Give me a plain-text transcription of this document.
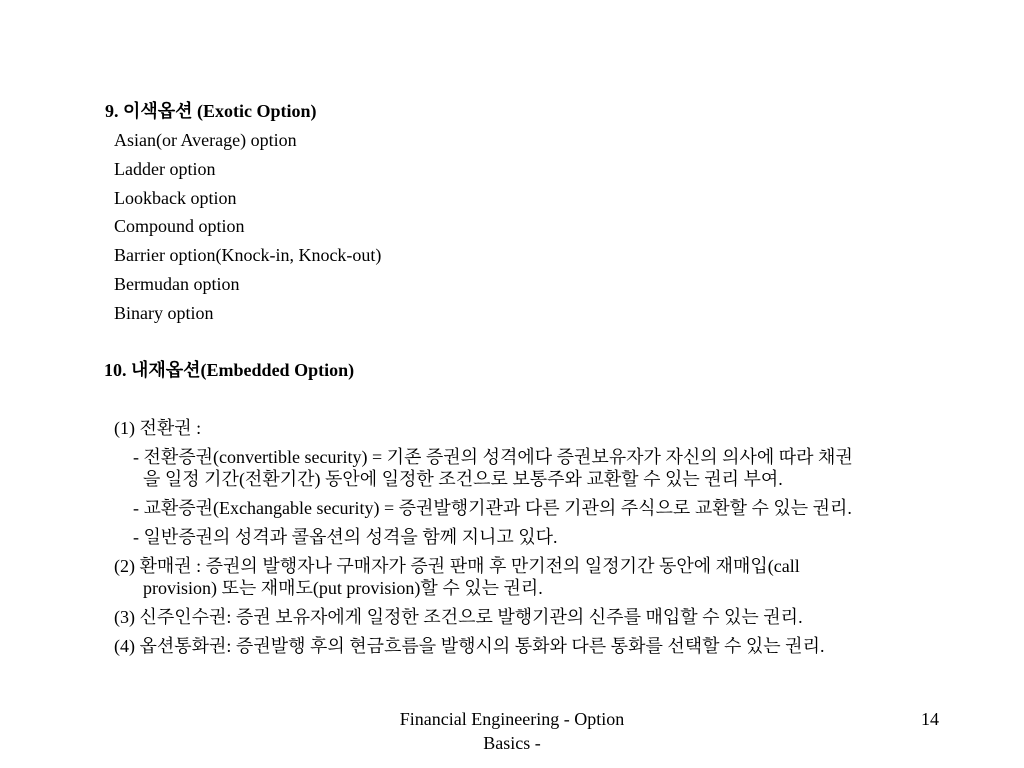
9. 이색옵션 (Exotic Option)
Asian(or Average) option
Ladder option
Lookback option
Compound option
Barrier option(Knock-in, Knock-out)
Bermudan option
Binary option
10. 내재옵션(Embedded Option)
(1) 전환권 :
- 전환증권(convertible security) = 기존 증권의 성격에다 증권보유자가 자신의 의사에 따라 채권
을 일정 기간(전환기간) 동안에 일정한 조건으로 보통주와 교환할 수 있는 권리 부여.
- 교환증권(Exchangable security) = 증권발행기관과 다른 기관의 주식으로 교환할 수 있는 권리.
- 일반증권의 성격과 콜옵션의 성격을 함께 지니고 있다.
(2) 환매권 : 증권의 발행자나 구매자가 증권 판매 후 만기전의 일정기간 동안에 재매입(call
provision) 또는 재매도(put provision)할 수 있는 권리.
(3) 신주인수권: 증권 보유자에게 일정한 조건으로 발행기관의 신주를 매입할 수 있는 권리.
(4) 옵션통화권: 증권발행 후의 현금흐름을 발행시의 통화와 다른 통화를 선택할 수 있는 권리.
Financial Engineering - Option
Basics -
14
